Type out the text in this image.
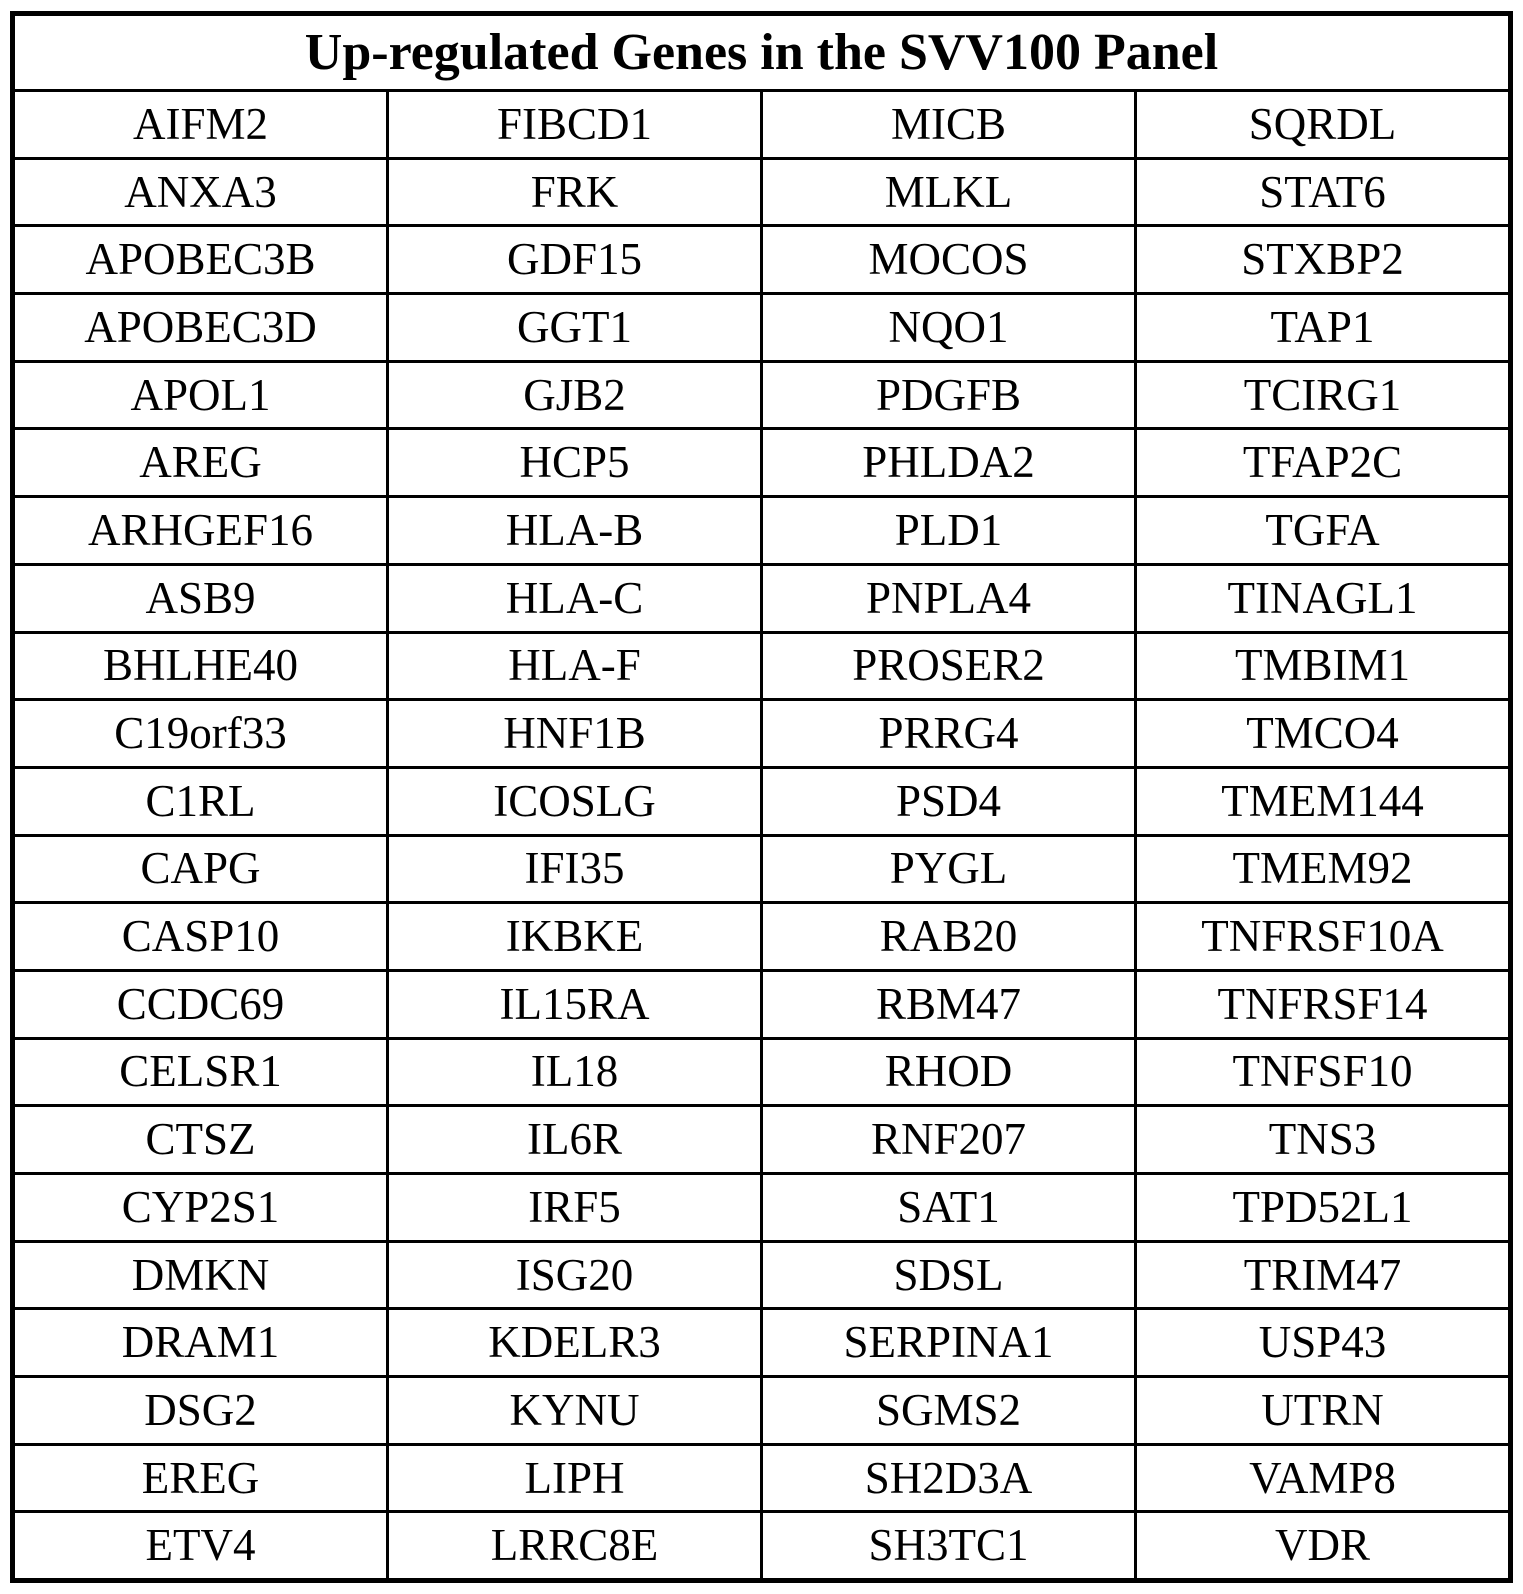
Up-regulated Genes in the SVV100 Panel
AIFM2	FIBCD1	MICB	SQRDL
ANXA3	FRK	MLKL	STAT6
APOBEC3B	GDF15	MOCOS	STXBP2
APOBEC3D	GGT1	NQO1	TAP1
APOL1	GJB2	PDGFB	TCIRG1
AREG	HCP5	PHLDA2	TFAP2C
ARHGEF16	HLA-B	PLD1	TGFA
ASB9	HLA-C	PNPLA4	TINAGL1
BHLHE40	HLA-F	PROSER2	TMBIM1
C19orf33	HNF1B	PRRG4	TMCO4
C1RL	ICOSLG	PSD4	TMEM144
CAPG	IFI35	PYGL	TMEM92
CASP10	IKBKE	RAB20	TNFRSF10A
CCDC69	IL15RA	RBM47	TNFRSF14
CELSR1	IL18	RHOD	TNFSF10
CTSZ	IL6R	RNF207	TNS3
CYP2S1	IRF5	SAT1	TPD52L1
DMKN	ISG20	SDSL	TRIM47
DRAM1	KDELR3	SERPINA1	USP43
DSG2	KYNU	SGMS2	UTRN
EREG	LIPH	SH2D3A	VAMP8
ETV4	LRRC8E	SH3TC1	VDR
